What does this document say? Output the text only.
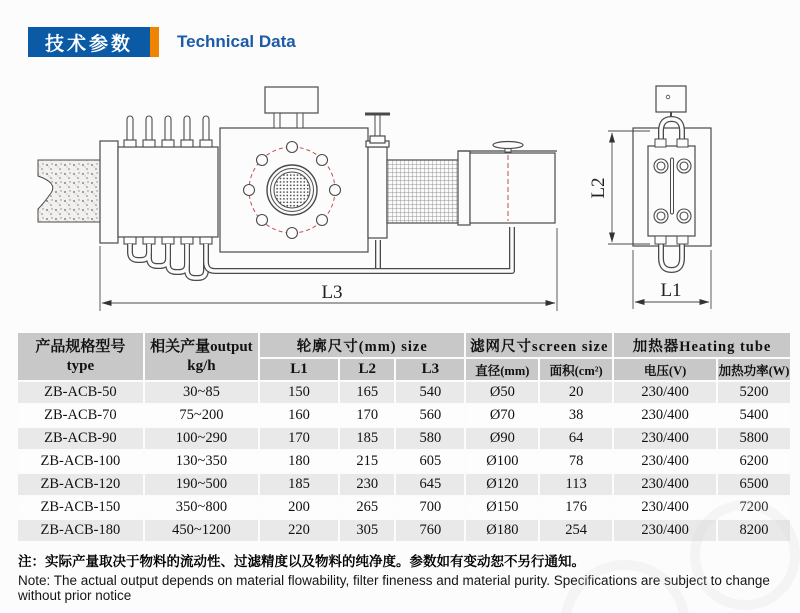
技术参数	Technical Data
L3
L2
L1
产品规格型号
type

相关产量output
kg/h
	轮廓尺寸(mm) size	滤网尺寸screen size	加热器Heating tube
		L1	L2	L3	直径(mm)	面积(cm²)	电压(V)	加热功率(W)
ZB-ACB-50	30~85	150	165	540	Ø50	20	230/400	5200
ZB-ACB-70	75~200	160	170	560	Ø70	38	230/400	5400
ZB-ACB-90	100~290	170	185	580	Ø90	64	230/400	5800
ZB-ACB-100	130~350	180	215	605	Ø100	78	230/400	6200
ZB-ACB-120	190~500	185	230	645	Ø120	113	230/400	6500
ZB-ACB-150	350~800	200	265	700	Ø150	176	230/400	7200
ZB-ACB-180	450~1200	220	305	760	Ø180	254	230/400	8200

注：实际产量取决于物料的流动性、过滤精度以及物料的纯净度。参数如有变动恕不另行通知。

Note: The actual output depends on material flowability, filter fineness and material purity. Specifications are subject to change without prior notice
